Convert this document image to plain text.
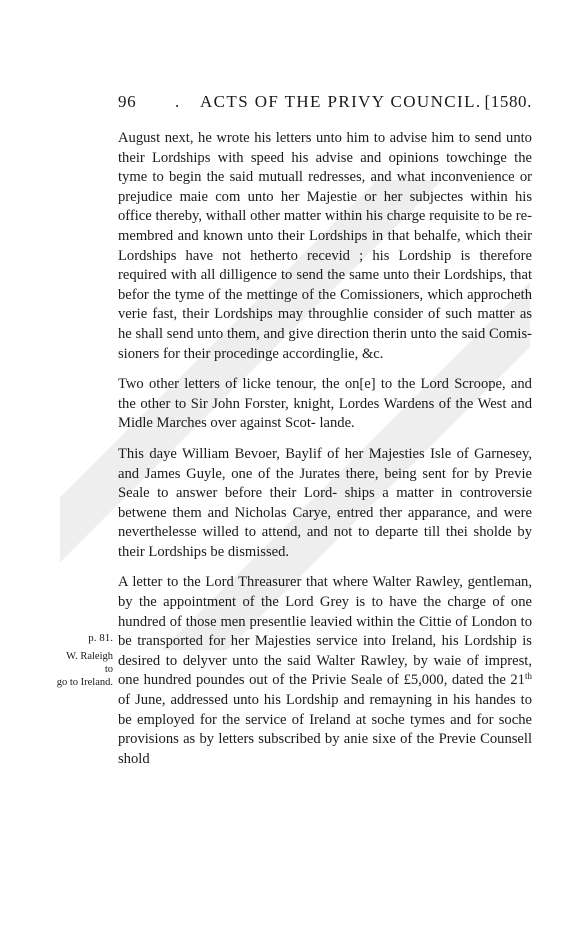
96 . ACTS OF THE PRIVY COUNCIL. [1580.
p. 81.
W. Raleigh to
go to Ireland.

August next, he wrote his letters unto him to advise him to send unto their Lordships with speed his advise and opinions towchinge the tyme to begin the said mutuall redresses, and what inconvenience or prejudice maie com unto her Majestie or her subjectes within his office thereby, withall other matter within his charge requisite to be re- membred and known unto their Lordships in that behalfe, which their Lordships have not hetherto recevid ; his Lordship is therefore required with all dilligence to send the same unto their Lordships, that befor the tyme of the mettinge of the Comissioners, which approcheth verie fast, their Lordships may throughlie consider of such matter as he shall send unto them, and give direction therin unto the said Comis- sioners for their procedinge accordinglie, &c.

Two other letters of licke tenour, the on[e] to the Lord Scroope, and the other to Sir John Forster, knight, Lordes Wardens of the West and Midle Marches over against Scot- lande.

This daye William Bevoer, Baylif of her Majesties Isle of Garnesey, and James Guyle, one of the Jurates there, being sent for by Previe Seale to answer before their Lord- ships a matter in controversie betwene them and Nicholas Carye, entred ther apparance, and were neverthelesse willed to attend, and not to departe till thei sholde by their Lordships be dismissed.

A letter to the Lord Threasurer that where Walter Rawley, gentleman, by the appointment of the Lord Grey is to have the charge of one hundred of those men presentlie leavied within the Cittie of London to be transported for her Majesties service into Ireland, his Lordship is desired to delyver unto the said Walter Rawley, by waie of imprest, one hundred poundes out of the Privie Seale of £5,000, dated the 21th of June, addressed unto his Lordship and remayning in his handes to be employed for the service of Ireland at soche tymes and for soche provisions as by letters subscribed by anie sixe of the Previe Counsell shold
